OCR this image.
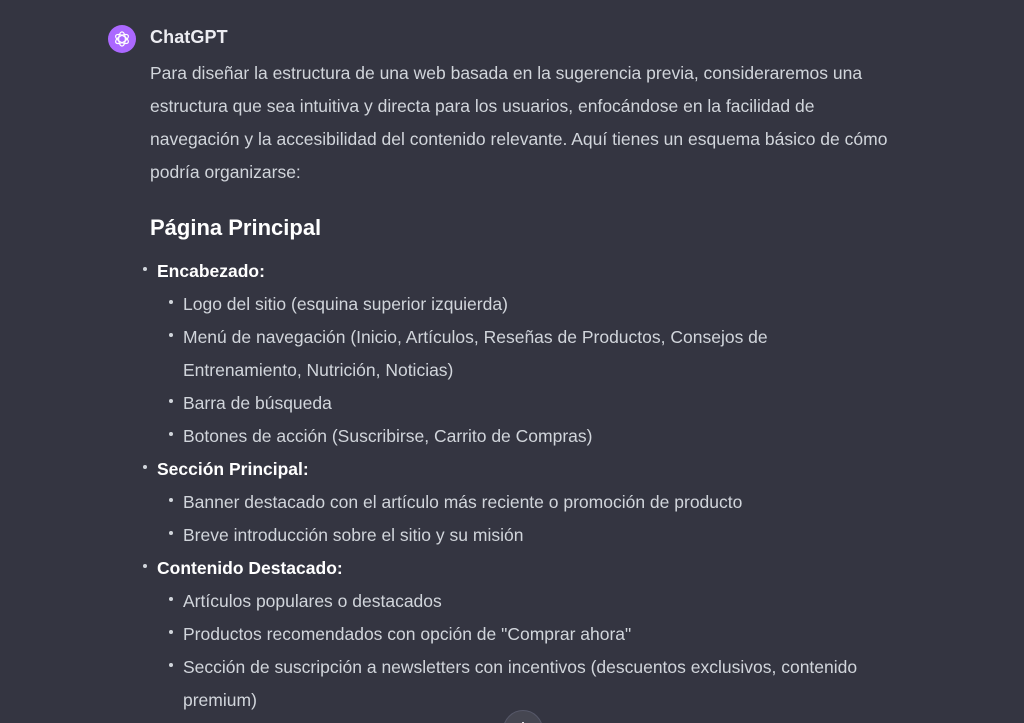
ChatGPT

Para diseñar la estructura de una web basada en la sugerencia previa, consideraremos una estructura que sea intuitiva y directa para los usuarios, enfocándose en la facilidad de navegación y la accesibilidad del contenido relevante. Aquí tienes un esquema básico de cómo podría organizarse:

Página Principal
Encabezado:
Logo del sitio (esquina superior izquierda)
Menú de navegación (Inicio, Artículos, Reseñas de Productos, Consejos de Entrenamiento, Nutrición, Noticias)
Barra de búsqueda
Botones de acción (Suscribirse, Carrito de Compras)
Sección Principal:
Banner destacado con el artículo más reciente o promoción de producto
Breve introducción sobre el sitio y su misión
Contenido Destacado:
Artículos populares o destacados
Productos recomendados con opción de "Comprar ahora"
Sección de suscripción a newsletters con incentivos (descuentos exclusivos, contenido premium)
